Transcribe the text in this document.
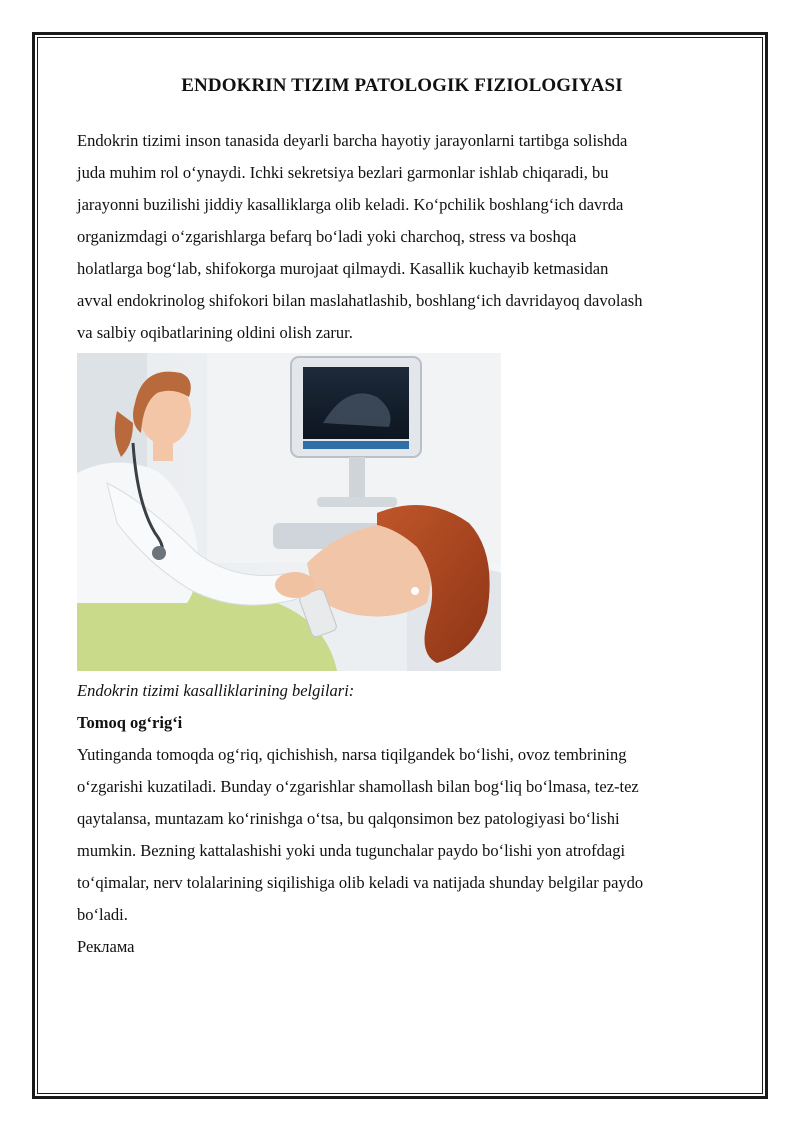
ENDOKRIN TIZIM PATOLOGIK FIZIOLOGIYASI

Endokrin tizimi inson tanasida deyarli barcha hayotiy jarayonlarni tartibga solishda

juda muhim rol o‘ynaydi. Ichki sekretsiya bezlari garmonlar ishlab chiqaradi, bu

jarayonni buzilishi jiddiy kasalliklarga olib keladi. Ko‘pchilik boshlang‘ich davrda

organizmdagi o‘zgarishlarga befarq bo‘ladi yoki charchoq, stress va boshqa

holatlarga bog‘lab, shifokorga murojaat qilmaydi. Kasallik kuchayib ketmasidan

avval endokrinolog shifokori bilan maslahatlashib, boshlang‘ich davridayoq davolash

va salbiy oqibatlarining oldini olish zarur.

Endokrin tizimi kasalliklarining belgilari:

Tomoq og‘rig‘i

Yutinganda tomoqda og‘riq, qichishish, narsa tiqilgandek bo‘lishi, ovoz tembrining

o‘zgarishi kuzatiladi. Bunday o‘zgarishlar shamollash bilan bog‘liq bo‘lmasa, tez-tez

qaytalansa, muntazam ko‘rinishga o‘tsa, bu qalqonsimon bez patologiyasi bo‘lishi

mumkin. Bezning kattalashishi yoki unda tugunchalar paydo bo‘lishi yon atrofdagi

to‘qimalar, nerv tolalarining siqilishiga olib keladi va natijada shunday belgilar paydo

bo‘ladi.

Реклама
